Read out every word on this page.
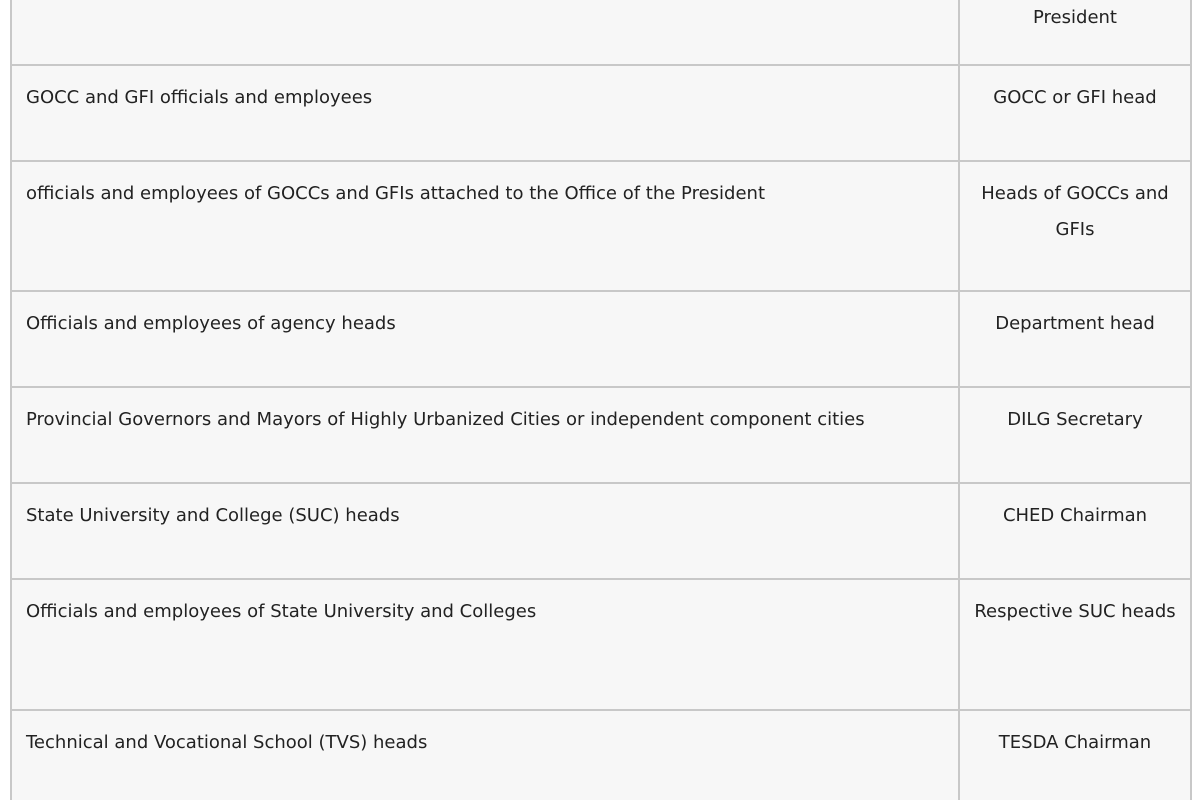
	President
GOCC and GFI officials and employees	GOCC or GFI head
officials and employees of GOCCs and GFIs attached to the Office of the President	Heads of GOCCs and GFIs
Officials and employees of agency heads	Department head
Provincial Governors and Mayors of Highly Urbanized Cities or independent component cities	DILG Secretary
State University and College (SUC) heads	CHED Chairman
Officials and employees of State University and Colleges	Respective SUC heads
Technical and Vocational School (TVS) heads	TESDA Chairman
